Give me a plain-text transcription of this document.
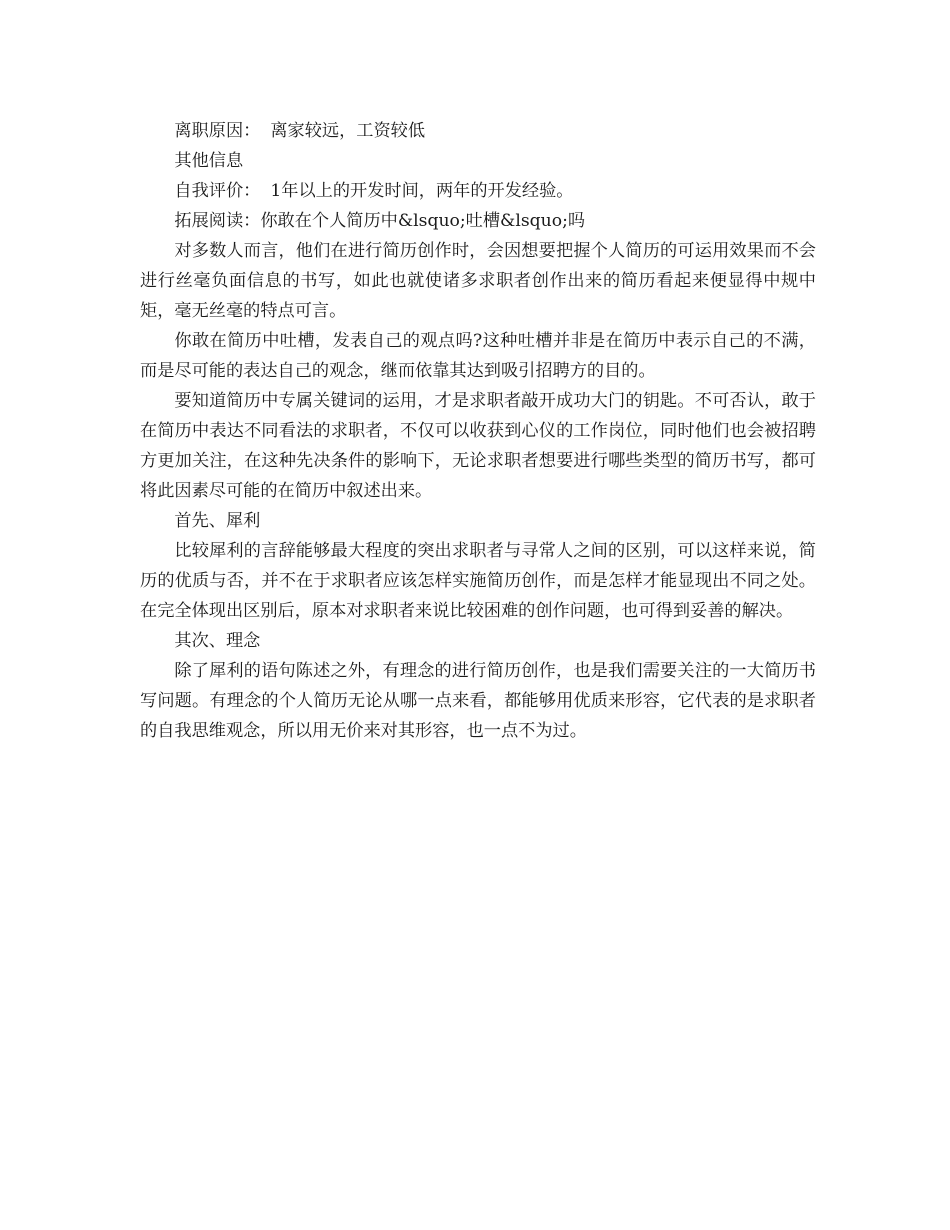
离职原因： 离家较远，工资较低
其他信息
自我评价： 1年以上的开发时间，两年的开发经验。
拓展阅读：你敢在个人简历中&lsquo;吐槽&lsquo;吗

对多数人而言，他们在进行简历创作时，会因想要把握个人简历的可运用效果而不会进行丝毫负面信息的书写，如此也就使诸多求职者创作出来的简历看起来便显得中规中矩，毫无丝毫的特点可言。

你敢在简历中吐槽，发表自己的观点吗?这种吐槽并非是在简历中表示自己的不满，而是尽可能的表达自己的观念，继而依靠其达到吸引招聘方的目的。

要知道简历中专属关键词的运用，才是求职者敲开成功大门的钥匙。不可否认，敢于在简历中表达不同看法的求职者，不仅可以收获到心仪的工作岗位，同时他们也会被招聘方更加关注，在这种先决条件的影响下，无论求职者想要进行哪些类型的简历书写，都可将此因素尽可能的在简历中叙述出来。

首先、犀利

比较犀利的言辞能够最大程度的突出求职者与寻常人之间的区别，可以这样来说，简历的优质与否，并不在于求职者应该怎样实施简历创作，而是怎样才能显现出不同之处。在完全体现出区别后，原本对求职者来说比较困难的创作问题，也可得到妥善的解决。

其次、理念

除了犀利的语句陈述之外，有理念的进行简历创作，也是我们需要关注的一大简历书写问题。有理念的个人简历无论从哪一点来看，都能够用优质来形容，它代表的是求职者的自我思维观念，所以用无价来对其形容，也一点不为过。
